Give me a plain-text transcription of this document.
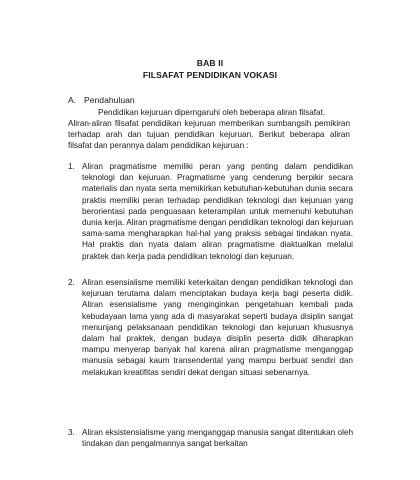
BAB II
FILSAFAT PENDIDIKAN VOKASI
A. Pendahuluan

Pendidikan kejuruan diperngaruhi oleh beberapa aliran filsafat.

Aliran-aliran filsafat pendidikan kejuruan memberikan sumbangsih pemikiran terhadap arah dan tujuan pendidikan kejuruan. Berikut beberapa aliran filsafat dan perannya dalam pendidikan kejuruan :

1. Aliran pragmatisme memiliki peran yang penting dalam pendidikan teknologi dan kejuruan. Pragmatisme yang cenderung berpikir secara materialis dan nyata serta memikirkan kebutuhan-kebutuhan dunia secara praktis memiliki peran terhadap pendidikan teknologi dan kejuruan yang berorientasi pada penguasaan keterampilan untuk memenuhi kebutuhan dunia kerja. Aliran pragmatisme dengan pendidikan teknologi dan kejuruan sama-sama mengharapkan hal-hal yang praksis sebagai tindakan nyata. Hal praktis dan nyata dalam aliran pragmatisme diaktualkan melalui praktek dan kerja pada pendidikan teknologi dan kejuruan.

2. Aliran esensialisme memiliki keterkaitan dengan pendidikan teknologi dan kejuruan terutama dalam menciptakan budaya kerja bagi peserta didik. Aliran esensialisme yang menginginkan pengetahuan kembali pada kebudayaan lama yang ada di masyarakat seperti budaya disiplin sangat menunjang pelaksanaan pendidikan teknologi dan kejuruan khususnya dalam hal praktek, dengan budaya disiplin peserta didik diharapkan mampu menyerap banyak hal karena aliran pragmatisme menganggap manusia sebagai kaum transendental yang mampu berbuat sendiri dan melakukan kreatifitas sendiri dekat dengan situasi sebenarnya.

3. Aliran eksistensialisme yang menganggap manusia sangat ditentukan oleh tindakan dan pengalmannya sangat berkaitan
